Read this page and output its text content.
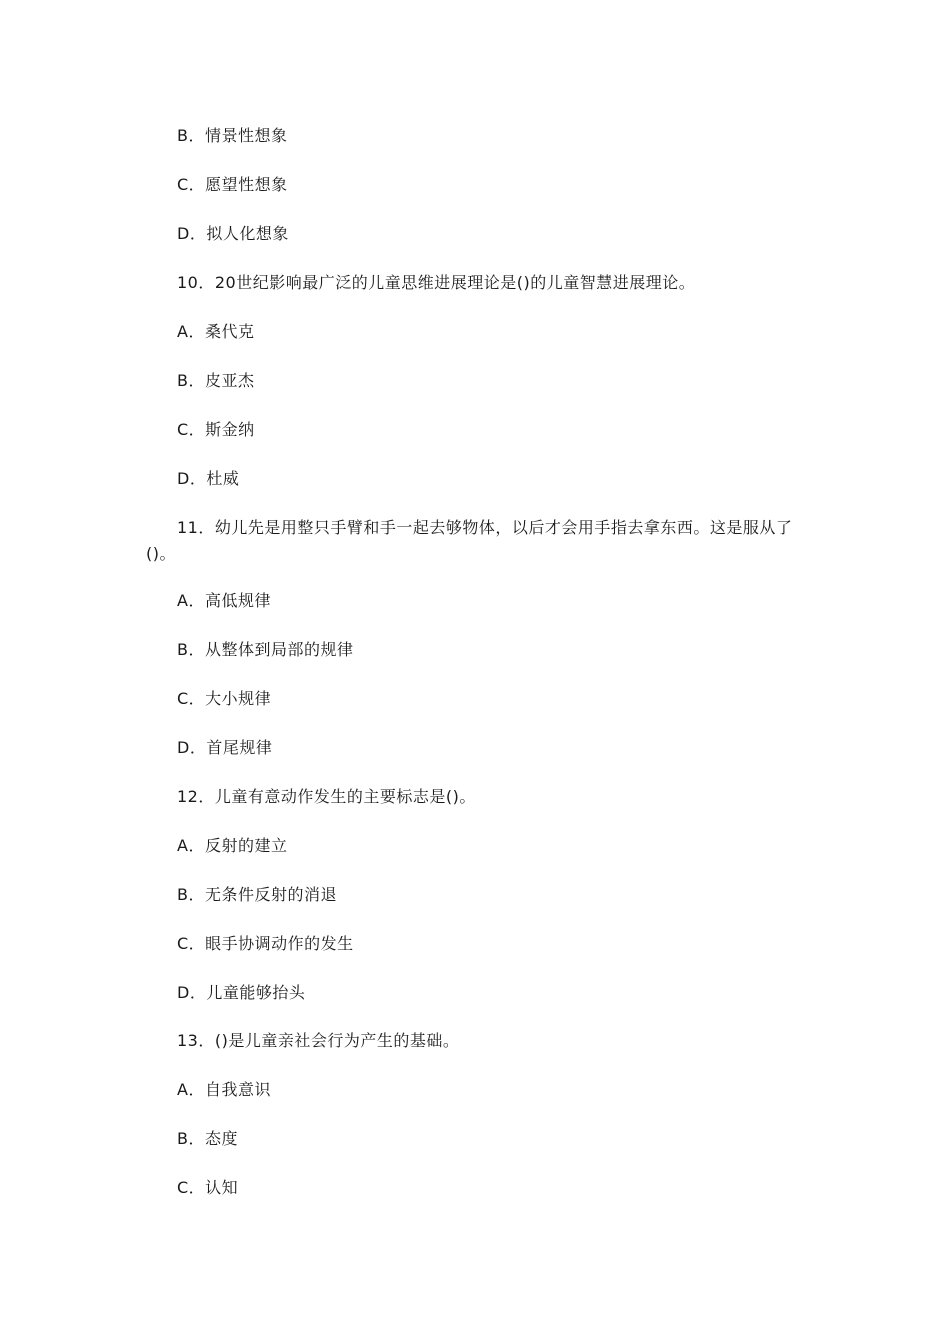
B．情景性想象
C．愿望性想象
D．拟人化想象
10．20世纪影响最广泛的儿童思维进展理论是()的儿童智慧进展理论。
A．桑代克
B．皮亚杰
C．斯金纳
D．杜威
11．幼儿先是用整只手臂和手一起去够物体，以后才会用手指去拿东西。这是服从了
()。
A．高低规律
B．从整体到局部的规律
C．大小规律
D．首尾规律
12．儿童有意动作发生的主要标志是()。
A．反射的建立
B．无条件反射的消退
C．眼手协调动作的发生
D．儿童能够抬头
13．()是儿童亲社会行为产生的基础。
A．自我意识
B．态度
C．认知
